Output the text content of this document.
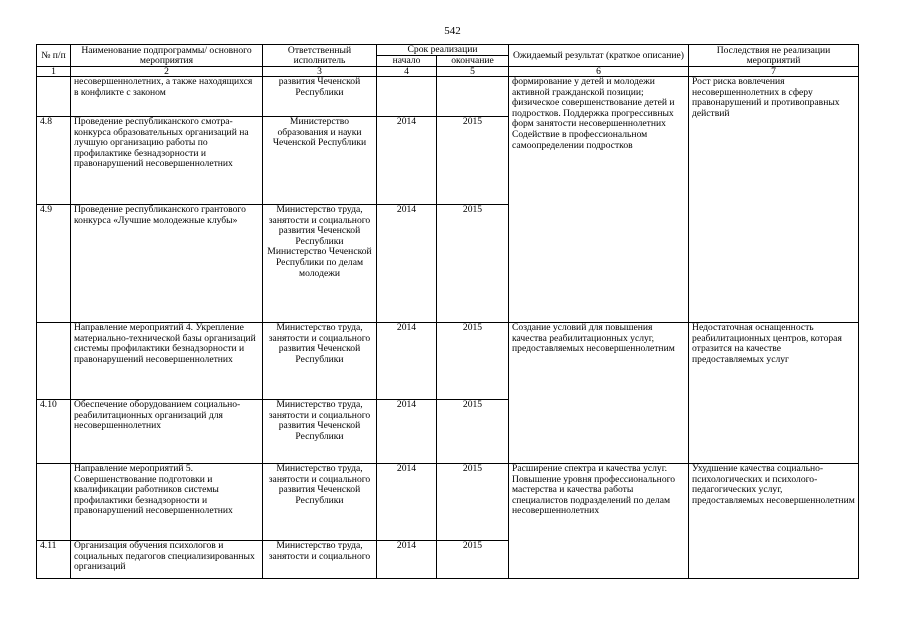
542
№ п/п	Наименование подпрограммы/ основного мероприятия	Ответственный исполнитель	Срок реализации		Ожидаемый результат (краткое описание)	Последствия не реализации мероприятий
			начало	окончание		
1	2	3	4	5	6	7
	несовершеннолетних, а также находящихся в конфликте с законом	развития Чеченской Республики			формирование у детей и молодежи активной гражданской позиции; физическое совершенствование детей и подростков. Поддержка прогрессивных форм занятости несовершеннолетних Содействие в профессиональном самоопределении подростков	Рост риска вовлечения несовершеннолетних в сферу правонарушений и противоправных действий
4.8	Проведение республиканского смотра-конкурса образовательных организаций на лучшую организацию работы по профилактике безнадзорности и правонарушений несовершеннолетних	Министерство образования и науки Чеченской Республики	2014	2015		
4.9	Проведение республиканского грантового конкурса «Лучшие молодежные клубы»	Министерство труда, занятости и социального развития Чеченской Республики Министерство Чеченской Республики по делам молодежи	2014	2015		
	Направление мероприятий 4. Укрепление материально-технической базы организаций системы профилактики безнадзорности и правонарушений несовершеннолетних	Министерство труда, занятости и социального развития Чеченской Республики	2014	2015	Создание условий для повышения качества реабилитационных услуг, предоставляемых несовершеннолетним	Недостаточная оснащенность реабилитационных центров, которая отразится на качестве предоставляемых услуг
4.10	Обеспечение оборудованием социально-реабилитационных организаций для несовершеннолетних	Министерство труда, занятости и социального развития Чеченской Республики	2014	2015		
	Направление мероприятий 5. Совершенствование подготовки и квалификации работников системы профилактики безнадзорности и правонарушений несовершеннолетних	Министерство труда, занятости и социального развития Чеченской Республики	2014	2015	Расширение спектра и качества услуг. Повышение уровня профессионального мастерства и качества работы специалистов подразделений по делам несовершеннолетних	Ухудшение качества социально-психологических и психолого-педагогических услуг, предоставляемых несовершеннолетним
4.11	Организация обучения психологов и социальных педагогов специализированных организаций	Министерство труда, занятости и социального	2014	2015		
